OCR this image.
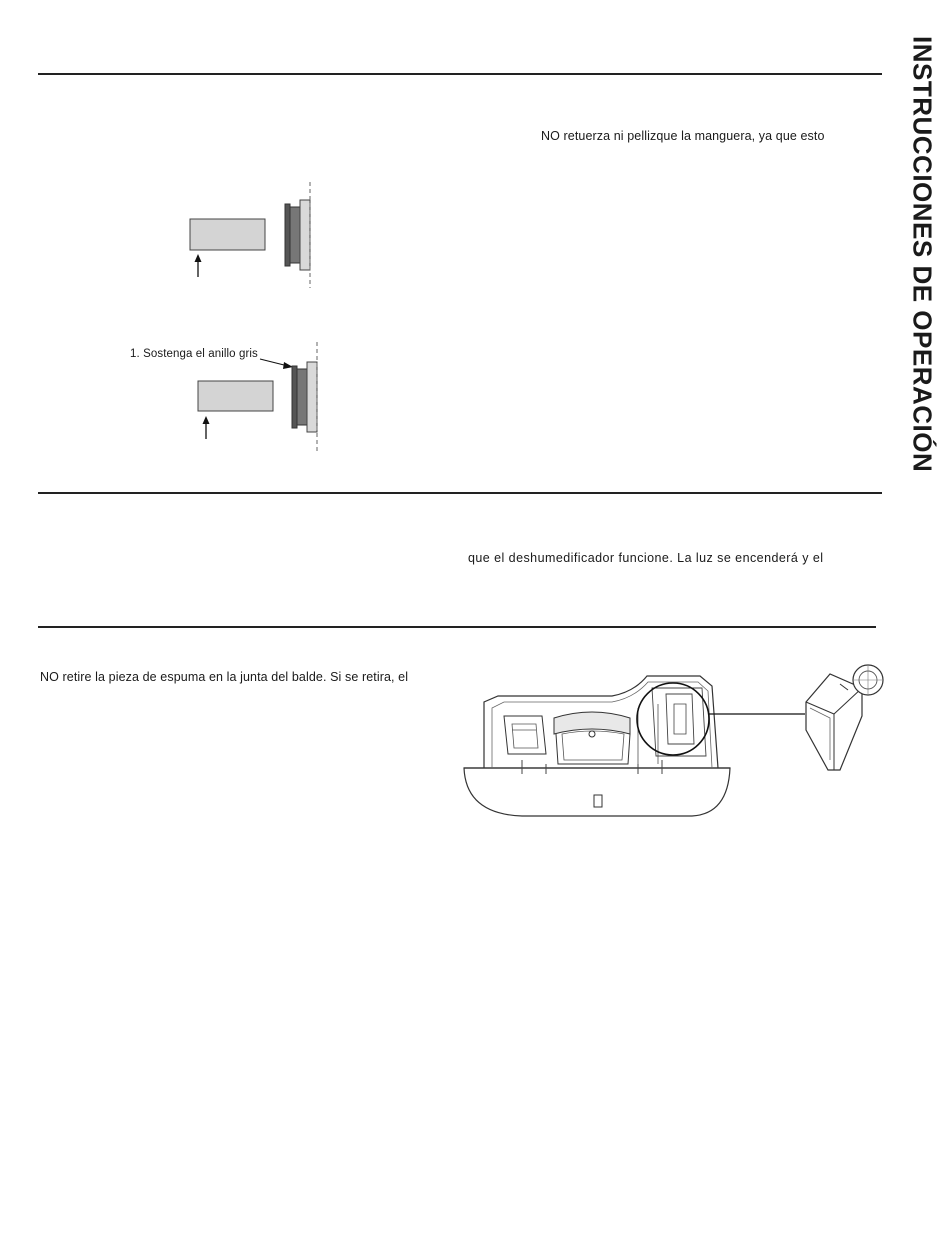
INSTRUCCIONES DE OPERACIÓN
NO retuerza ni pellizque la manguera, ya que esto
1. Sostenga el anillo gris
que el deshumedificador funcione. La luz se encenderá y el
NO retire la pieza de espuma en la junta del balde. Si se retira, el
